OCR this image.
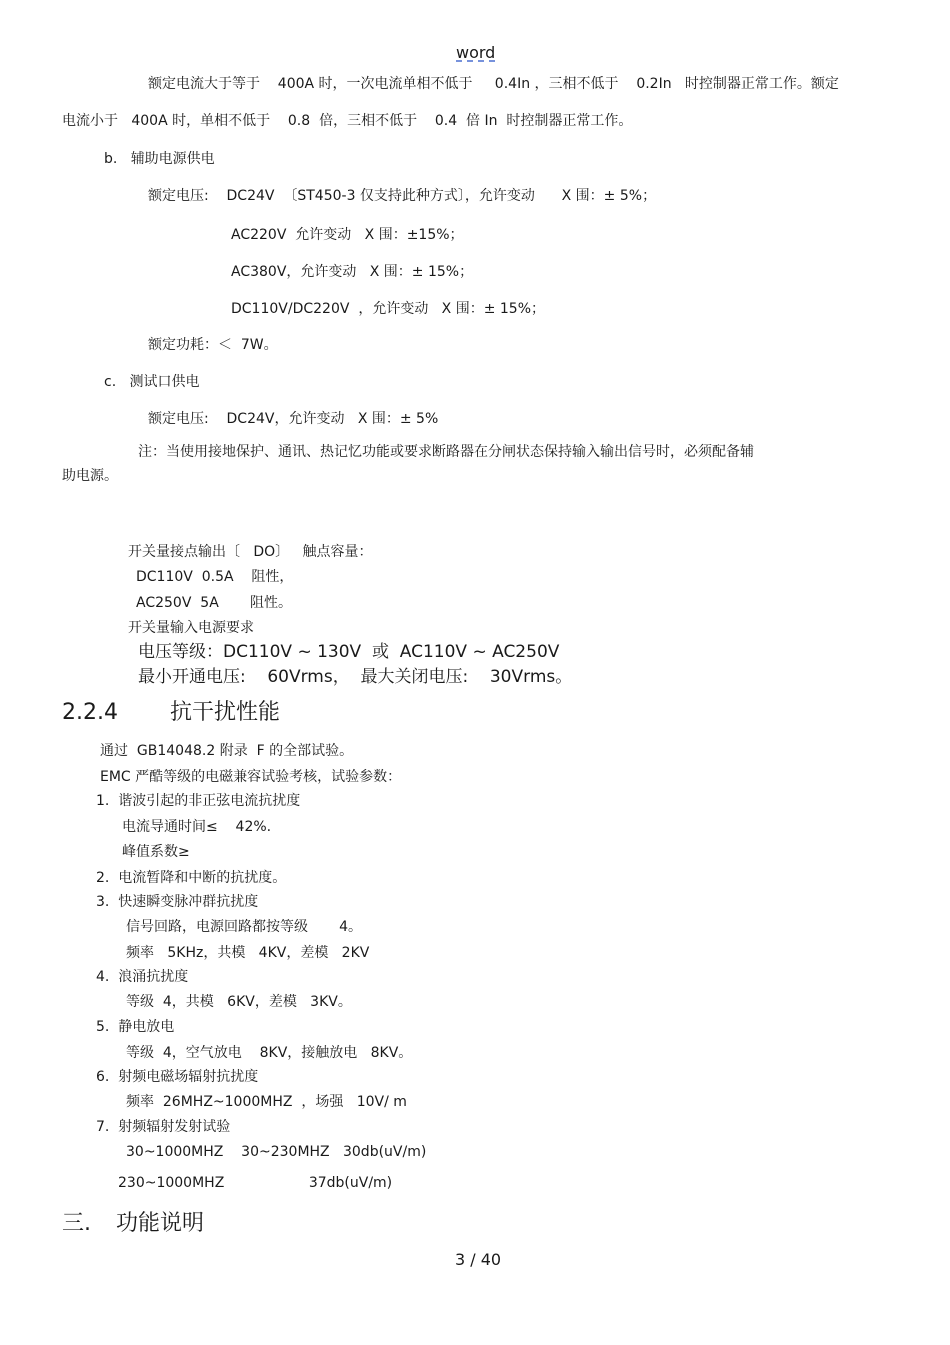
word
额定电流大于等于    400A 时，一次电流单相不低于     0.4In ，三相不低于    0.2In   时控制器正常工作。额定
电流小于   400A 时，单相不低于    0.8  倍，三相不低于    0.4  倍 In  时控制器正常工作。
b.   辅助电源供电
额定电压:    DC24V  〔ST450-3 仅支持此种方式〕，允许变动      X 围：± 5%；
AC220V  允许变动   X 围：±15%；
AC380V，允许变动   X 围：± 15%；
DC110V/DC220V  ，允许变动   X 围：± 15%；
额定功耗：＜  7W。
c.   测试口供电
额定电压:    DC24V，允许变动   X 围：± 5%
注：当使用接地保护、通讯、热记忆功能或要求断路器在分闸状态保持输入输出信号时，必须配备辅
助电源。
开关量接点输出〔   DO〕   触点容量：
DC110V  0.5A    阻性，
AC250V  5A       阻性。
开关量输入电源要求
电压等级：DC110V ~ 130V  或  AC110V ~ AC250V
最小开通电压:    60Vrms，  最大关闭电压:    30Vrms。
2.2.4 抗干扰性能
通过  GB14048.2 附录  F 的全部试验。
EMC 严酷等级的电磁兼容试验考核，试验参数：
1.  谐波引起的非正弦电流抗扰度
电流导通时间≤    42%.
峰值系数≥
2.  电流暂降和中断的抗扰度。
3.  快速瞬变脉冲群抗扰度
信号回路，电源回路都按等级       4。
频率   5KHz，共模   4KV，差模   2KV
4.  浪涌抗扰度
等级  4，共模   6KV，差模   3KV。
5.  静电放电
等级  4，空气放电    8KV，接触放电   8KV。
6.  射频电磁场辐射抗扰度
频率  26MHZ~1000MHZ  ，场强   10V/ m
7.  射频辐射发射试验
30~1000MHZ    30~230MHZ   30db(uV/m)
230~1000MHZ                   37db(uV/m)
三. 功能说明
3 / 40
